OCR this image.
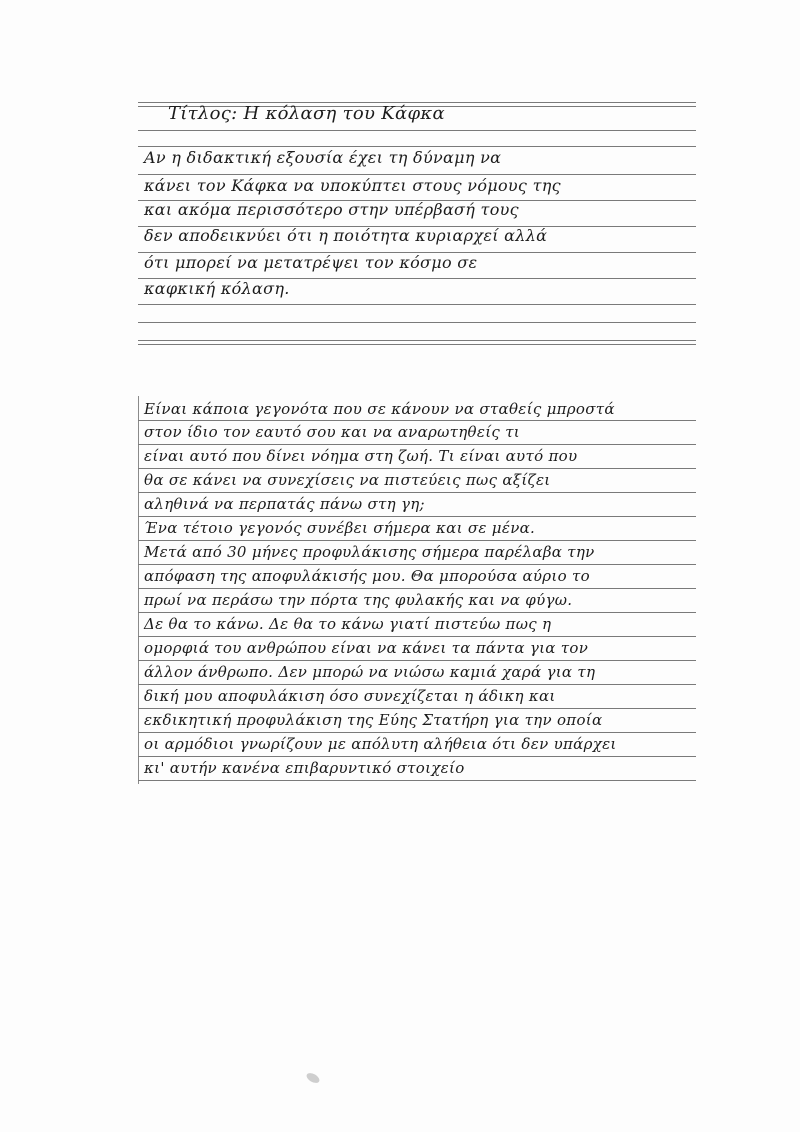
Τίτλος: Η κόλαση του Κάφκα
Αν η διδακτική εξουσία έχει τη δύναμη να
κάνει τον Κάφκα να υποκύπτει στους νόμους της
και ακόμα περισσότερο στην υπέρβασή τους
δεν αποδεικνύει ότι η ποιότητα κυριαρχεί αλλά
ότι μπορεί να μετατρέψει τον κόσμο σε
καφκική κόλαση.
Είναι κάποια γεγονότα που σε κάνουν να σταθείς μπροστά
στον ίδιο τον εαυτό σου και να αναρωτηθείς τι
είναι αυτό που δίνει νόημα στη ζωή. Τι είναι αυτό που
θα σε κάνει να συνεχίσεις να πιστεύεις πως αξίζει
αληθινά να περπατάς πάνω στη γη;
Ένα τέτοιο γεγονός συνέβει σήμερα και σε μένα.
Μετά από 30 μήνες προφυλάκισης σήμερα παρέλαβα την
απόφαση της αποφυλάκισής μου. Θα μπορούσα αύριο το
πρωί να περάσω την πόρτα της φυλακής και να φύγω.
Δε θα το κάνω. Δε θα το κάνω γιατί πιστεύω πως η
ομορφιά του ανθρώπου είναι να κάνει τα πάντα για τον
άλλον άνθρωπο. Δεν μπορώ να νιώσω καμιά χαρά για τη
δική μου αποφυλάκιση όσο συνεχίζεται η άδικη και
εκδικητική προφυλάκιση της Εύης Στατήρη για την οποία
οι αρμόδιοι γνωρίζουν με απόλυτη αλήθεια ότι δεν υπάρχει
κι' αυτήν κανένα επιβαρυντικό στοιχείο
